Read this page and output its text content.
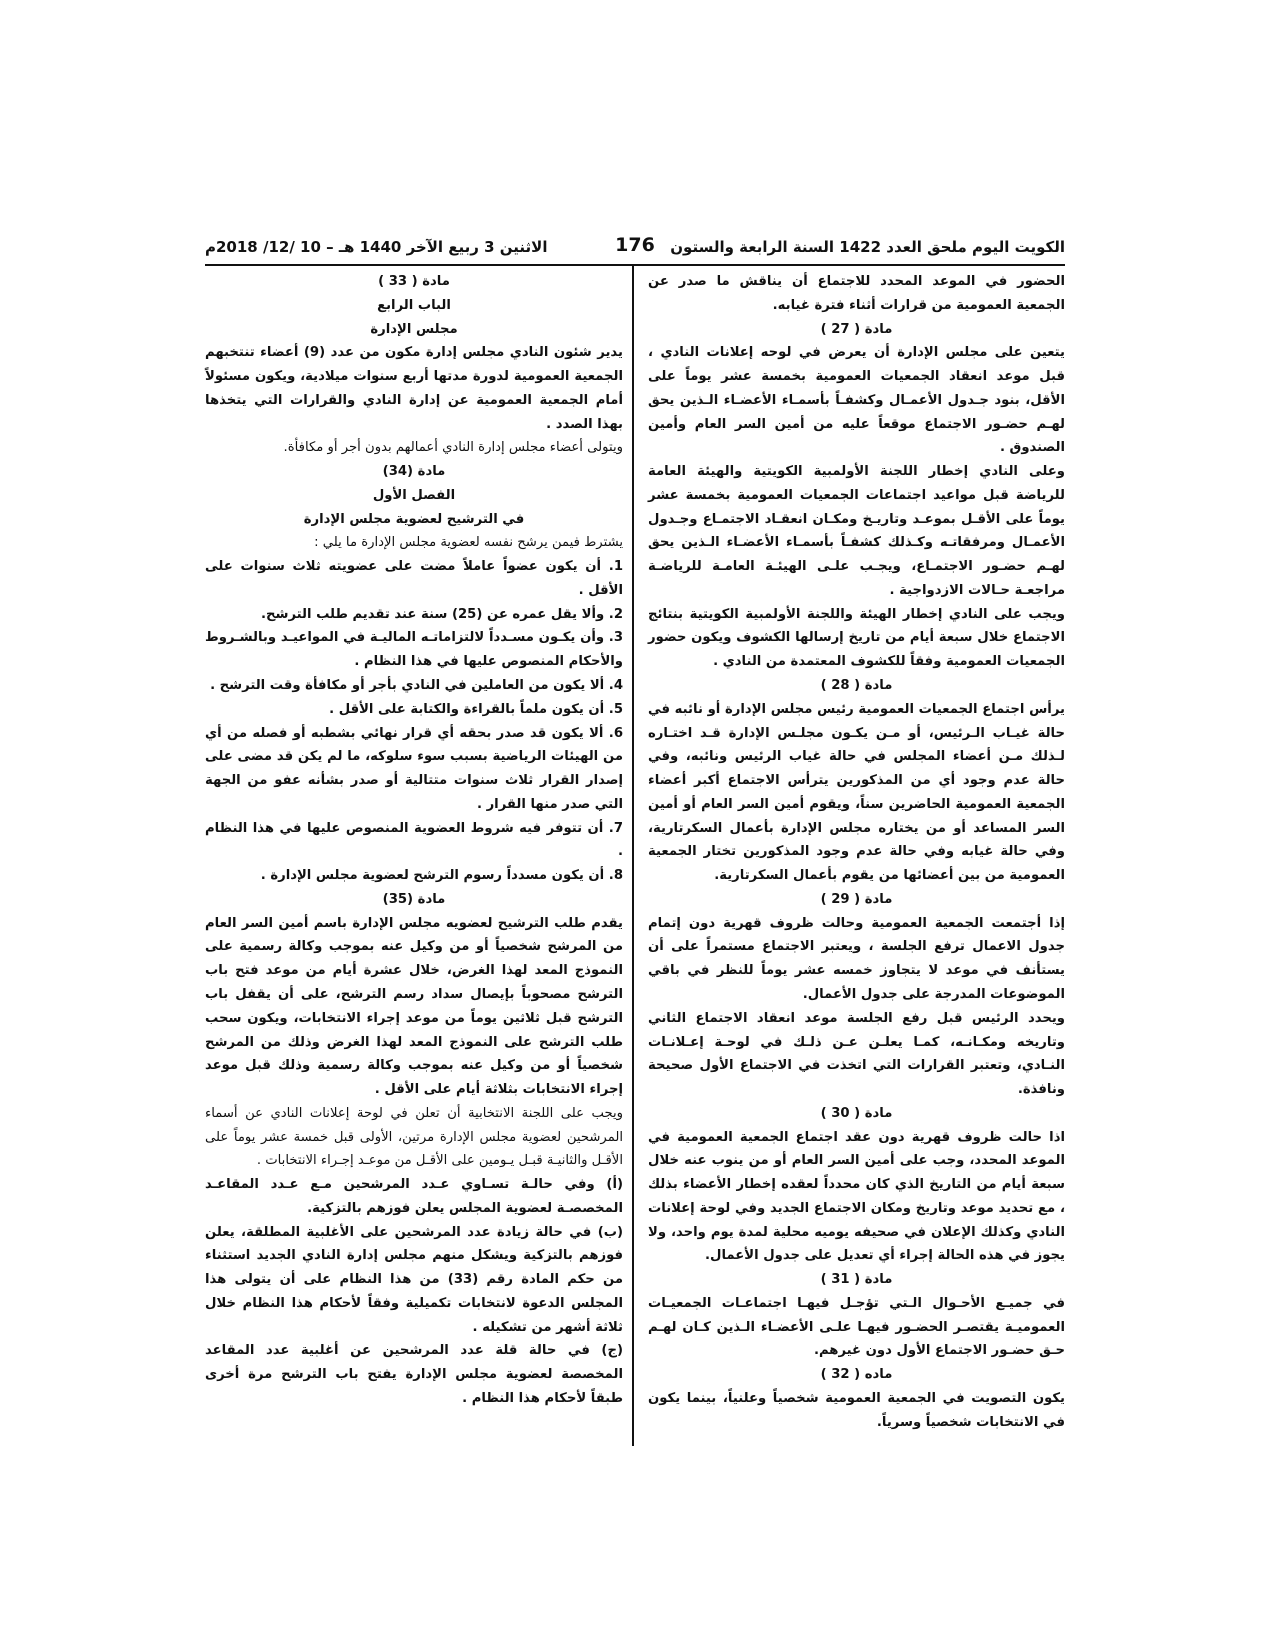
الكويت اليوم ملحق العدد 1422 السنة الرابعة والستون
176
الاثنين 3 ربيع الآخر 1440 هـ – 10 /12/ 2018م

الحضور في الموعد المحدد للاجتماع أن يناقش ما صدر عن الجمعية العمومية من قرارات أثناء فترة غيابه.

مادة ( 27 )

يتعين على مجلس الإدارة أن يعرض في لوحه إعلانات النادي ، قبل موعد انعقاد الجمعيات العمومية بخمسة عشر يوماً على الأقل، بنود جـدول الأعمـال وكشفـاً بأسمـاء الأعضـاء الـذين يحق لهـم حضـور الاجتماع موقعاً عليه من أمين السر العام وأمين الصندوق .

وعلى النادي إخطار اللجنة الأولمبية الكويتية والهيئة العامة للرياضة قبل مواعيد اجتماعات الجمعيات العمومية بخمسة عشر يوماً على الأقـل بموعـد وتاريـخ ومكـان انعقـاد الاجتمـاع وجـدول الأعمـال ومرفقاتـه وكـذلك كشفـاً بأسمـاء الأعضـاء الـذين يحق لهـم حضـور الاجتمـاع، ويجـب علـى الهيئـة العامـة للرياضـة مراجعـة حـالات الازدواجية .

ويجب على النادي إخطار الهيئة واللجنة الأولمبية الكويتية بنتائج الاجتماع خلال سبعة أيام من تاريخ إرسالها الكشوف ويكون حضور الجمعيات العمومية وفقاً للكشوف المعتمدة من النادي .

مادة ( 28 )

يرأس اجتماع الجمعيات العمومية رئيس مجلس الإدارة أو نائبه في حالة غيـاب الـرئيس، أو مـن يكـون مجلـس الإدارة قـد اختـاره لـذلك مـن أعضاء المجلس في حالة غياب الرئيس ونائبه، وفي حالة عدم وجود أي من المذكورين يترأس الاجتماع أكبر أعضاء الجمعية العمومية الحاضرين سناً، ويقوم أمين السر العام أو أمين السر المساعد أو من يختاره مجلس الإدارة بأعمال السكرتارية، وفي حالة غيابه وفي حالة عدم وجود المذكورين تختار الجمعية العمومية من بين أعضائها من يقوم بأعمال السكرتارية.

مادة ( 29 )

إذا أجتمعت الجمعية العمومية وحالت ظروف قهرية دون إتمام جدول الاعمال ترفع الجلسة ، ويعتبر الاجتماع مستمراً على أن يستأنف في موعد لا يتجاوز خمسه عشر يوماً للنظر في باقي الموضوعات المدرجة على جدول الأعمال.

ويحدد الرئيس قبل رفع الجلسة موعد انعقاد الاجتماع الثاني وتاريخه ومكـانـه، كمـا يعلـن عـن ذلـك في لوحـة إعـلانـات النـادي، وتعتبر القرارات التي اتخذت في الاجتماع الأول صحيحة ونافذة.

مادة ( 30 )

اذا حالت ظروف قهرية دون عقد اجتماع الجمعية العمومية في الموعد المحدد، وجب على أمين السر العام أو من ينوب عنه خلال سبعة أيام من التاريخ الذي كان محدداً لعقده إخطار الأعضاء بذلك ، مع تحديد موعد وتاريخ ومكان الاجتماع الجديد وفي لوحة إعلانات النادي وكذلك الإعلان في صحيفه يوميه محلية لمدة يوم واحد، ولا يجوز في هذه الحالة إجراء أي تعديل على جدول الأعمال.

مادة ( 31 )

في جميـع الأحـوال الـتي تؤجـل فيهـا اجتماعـات الجمعيـات العموميـة يقتصـر الحضـور فيهـا علـى الأعضـاء الـذين كـان لهـم حـق حضـور الاجتماع الأول دون غيرهم.

ماده ( 32 )

يكون التصويت في الجمعية العمومية شخصياً وعلنياً، بينما يكون في الانتخابات شخصياً وسرياً.

مادة ( 33 )

الباب الرابع

مجلس الإدارة

يدير شئون النادي مجلس إدارة مكون من عدد (9) أعضاء تنتخبهم الجمعية العمومية لدورة مدتها أربع سنوات ميلادية، ويكون مسئولاً أمام الجمعية العمومية عن إدارة النادي والقرارات التي يتخذها بهذا الصدد .

ويتولى أعضاء مجلس إدارة النادي أعمالهم بدون أجر أو مكافأة.

مادة (34)

الفصل الأول

في الترشيح لعضوية مجلس الإدارة

يشترط فيمن يرشح نفسه لعضوية مجلس الإدارة ما يلي :

1. أن يكون عضواً عاملاً مضت على عضويته ثلاث سنوات على الأقل .

2. وألا يقل عمره عن (25) سنة عند تقديم طلب الترشح.

3. وأن يكـون مسـدداً لالتزاماتـه الماليـة في المواعيـد وبالشـروط والأحكام المنصوص عليها في هذا النظام .

4. ألا يكون من العاملين في النادي بأجر أو مكافأة وقت الترشح .

5. أن يكون ملماً بالقراءة والكتابة على الأقل .

6. ألا يكون قد صدر بحقه أي قرار نهائي بشطبه أو فصله من أي من الهيئات الرياضية بسبب سوء سلوكه، ما لم يكن قد مضى على إصدار القرار ثلاث سنوات متتالية أو صدر بشأنه عفو من الجهة التي صدر منها القرار .

7. أن تتوفر فيه شروط العضوية المنصوص عليها في هذا النظام .

8. أن يكون مسدداً رسوم الترشح لعضوية مجلس الإدارة .

مادة (35)

يقدم طلب الترشيح لعضويه مجلس الإدارة باسم أمين السر العام من المرشح شخصياً أو من وكيل عنه بموجب وكالة رسمية على النموذج المعد لهذا الغرض، خلال عشرة أيام من موعد فتح باب الترشح مصحوباً بإيصال سداد رسم الترشح، على أن يقفل باب الترشح قبل ثلاثين يوماً من موعد إجراء الانتخابات، ويكون سحب طلب الترشح على النموذج المعد لهذا الغرض وذلك من المرشح شخصياً أو من وكيل عنه بموجب وكالة رسمية وذلك قبل موعد إجراء الانتخابات بثلاثة أيام على الأقل .

ويجب على اللجنة الانتخابية أن تعلن في لوحة إعلانات النادي عن أسماء المرشحين لعضوية مجلس الإدارة مرتين، الأولى قبل خمسة عشر يوماً على الأقـل والثانيـة قبـل يـومين على الأقـل من موعـد إجـراء الانتخابات .

(أ) وفي حالـة تسـاوي عـدد المرشحين مـع عـدد المقاعـد المخصصـة لعضوية المجلس يعلن فوزهم بالتزكية.

(ب) في حالة زيادة عدد المرشحين على الأغلبية المطلقة، يعلن فوزهم بالتزكية ويشكل منهم مجلس إدارة النادي الجديد استثناء من حكم المادة رقم (33) من هذا النظام على أن يتولى هذا المجلس الدعوة لانتخابات تكميلية وفقاً لأحكام هذا النظام خلال ثلاثة أشهر من تشكيله .

(ج) في حالة قلة عدد المرشحين عن أغلبية عدد المقاعد المخصصة لعضوية مجلس الإدارة يفتح باب الترشح مرة أخرى طبقاً لأحكام هذا النظام .
